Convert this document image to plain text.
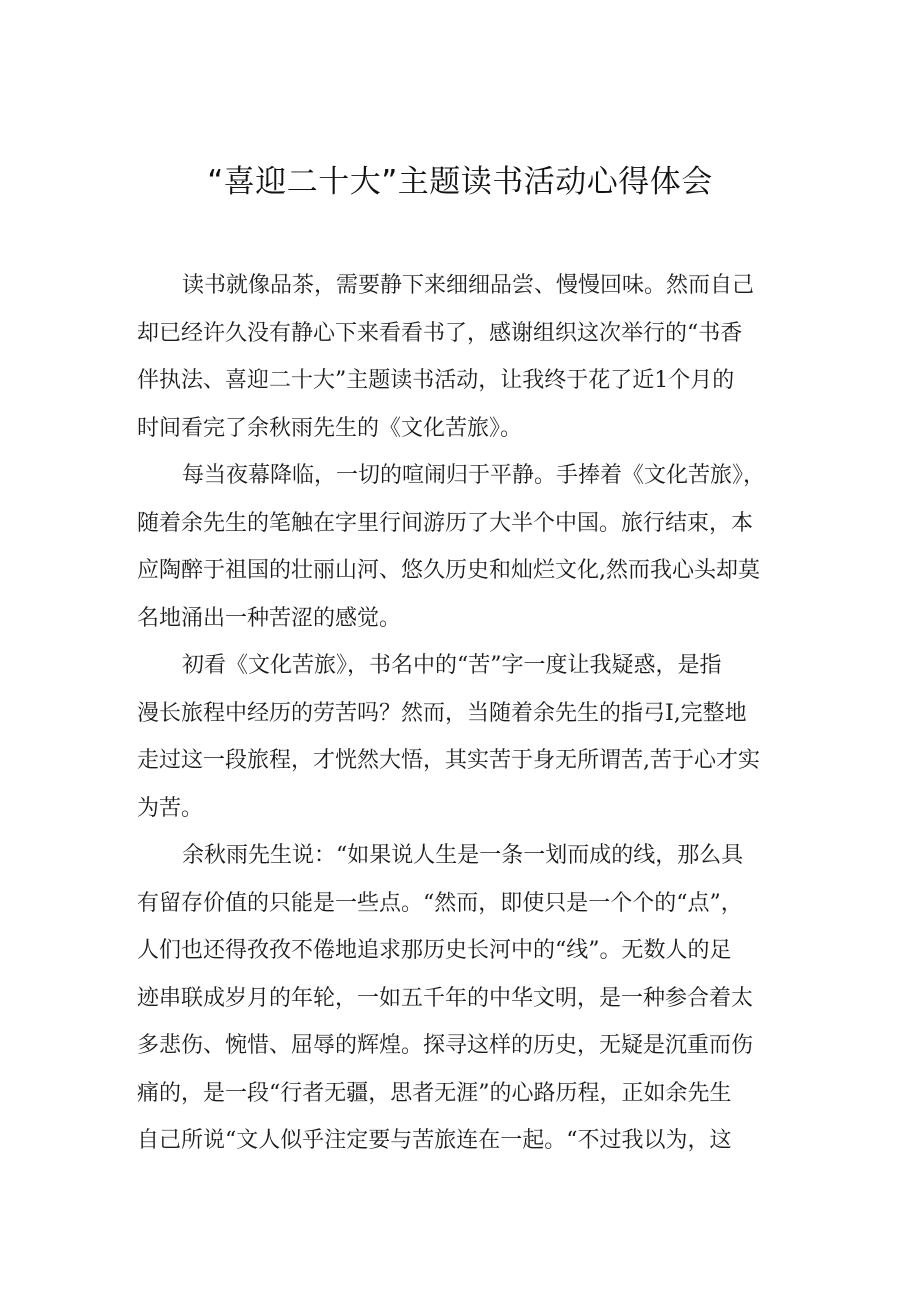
“喜迎二十大”主题读书活动心得体会
读书就像品茶，需要静下来细细品尝、慢慢回味。然而自己
却已经许久没有静心下来看看书了，感谢组织这次举行的“书香
伴执法、喜迎二十大”主题读书活动，让我终于花了近1个月的
时间看完了余秋雨先生的《文化苦旅》。
每当夜幕降临，一切的喧闹归于平静。手捧着《文化苦旅》，
随着余先生的笔触在字里行间游历了大半个中国。旅行结束，本
应陶醉于祖国的壮丽山河、悠久历史和灿烂文化,然而我心头却莫
名地涌出一种苦涩的感觉。
初看《文化苦旅》，书名中的“苦”字一度让我疑惑，是指
漫长旅程中经历的劳苦吗？然而，当随着余先生的指弓I,完整地
走过这一段旅程，才恍然大悟，其实苦于身无所谓苦,苦于心才实
为苦。
余秋雨先生说：“如果说人生是一条一划而成的线，那么具
有留存价值的只能是一些点。“然而，即使只是一个个的“点”，
人们也还得孜孜不倦地追求那历史长河中的“线”。无数人的足
迹串联成岁月的年轮，一如五千年的中华文明，是一种参合着太
多悲伤、惋惜、屈辱的辉煌。探寻这样的历史，无疑是沉重而伤
痛的，是一段“行者无疆，思者无涯”的心路历程，正如余先生
自己所说“文人似乎注定要与苦旅连在一起。“不过我以为，这
